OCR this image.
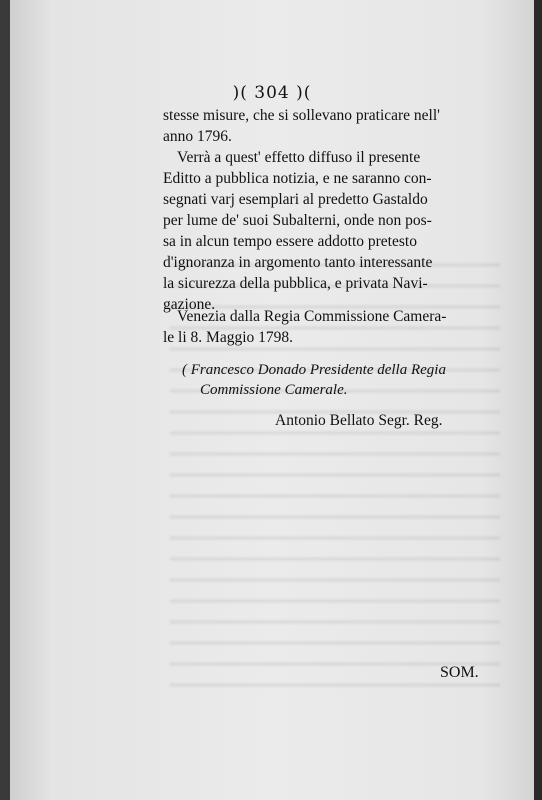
)( 304 )(
stesse misure, che si sollevano praticare nell'
anno 1796.
Verrà a quest' effetto diffuso il presente
Editto a pubblica notizia, e ne saranno con-
segnati varj esemplari al predetto Gastaldo
per lume de' suoi Subalterni, onde non pos-
sa in alcun tempo essere addotto pretesto
d'ignoranza in argomento tanto interessante
la sicurezza della pubblica, e privata Navi-
gazione.
Venezia dalla Regia Commissione Camera-
le li 8. Maggio 1798.
( Francesco Donado Presidente della Regia
Commissione Camerale.
Antonio Bellato Segr. Reg.
SOM.
